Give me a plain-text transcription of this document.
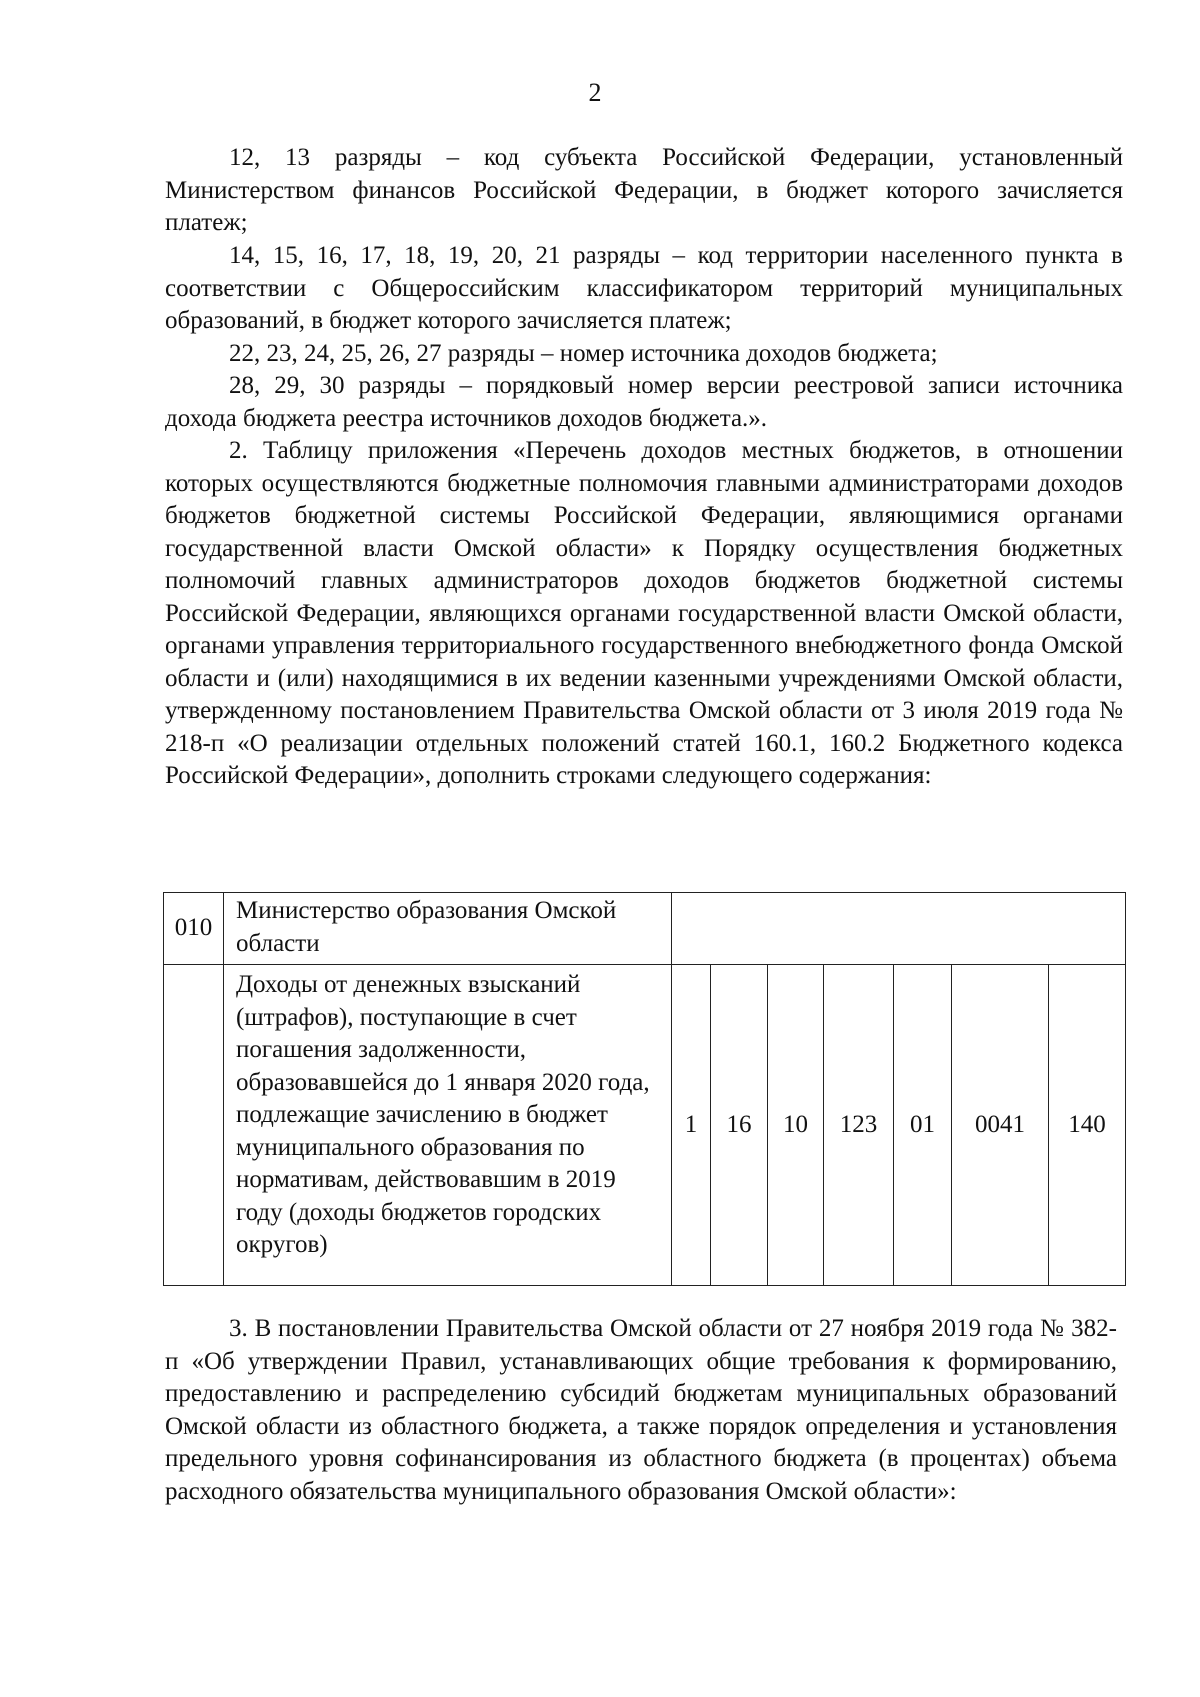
2

12, 13 разряды – код субъекта Российской Федерации, установленный Министерством финансов Российской Федерации, в бюджет которого зачисляется платеж;

14, 15, 16, 17, 18, 19, 20, 21 разряды – код территории населенного пункта в соответствии с Общероссийским классификатором территорий муниципальных образований, в бюджет которого зачисляется платеж;

22, 23, 24, 25, 26, 27 разряды – номер источника доходов бюджета;

28, 29, 30 разряды – порядковый номер версии реестровой записи источника дохода бюджета реестра источников доходов бюджета.».

2. Таблицу приложения «Перечень доходов местных бюджетов, в отношении которых осуществляются бюджетные полномочия главными администраторами доходов бюджетов бюджетной системы Российской Федерации, являющимися органами государственной власти Омской области» к Порядку осуществления бюджетных полномочий главных администраторов доходов бюджетов бюджетной системы Российской Федерации, являющихся органами государственной власти Омской области, органами управления территориального государственного внебюджетного фонда Омской области и (или) находящимися в их ведении казенными учреждениями Омской области, утвержденному постановлением Правительства Омской области от 3 июля 2019 года № 218-п «О реализации отдельных положений статей 160.1, 160.2 Бюджетного кодекса Российской Федерации», дополнить строками следующего содержания:

010	Министерство образования Омской области							
	Доходы от денежных взысканий (штрафов), поступающие в счет погашения задолженности, образовавшейся до 1 января 2020 года, подлежащие зачислению в бюджет муниципального образования по нормативам, действовавшим в 2019 году (доходы бюджетов городских округов)	1	16	10	123	01	0041	140

3. В постановлении Правительства Омской области от 27 ноября 2019 года № 382-п «Об утверждении Правил, устанавливающих общие требования к формированию, предоставлению и распределению субсидий бюджетам муниципальных образований Омской области из областного бюджета, а также порядок определения и установления предельного уровня софинансирования из областного бюджета (в процентах) объема расходного обязательства муниципального образования Омской области»:
